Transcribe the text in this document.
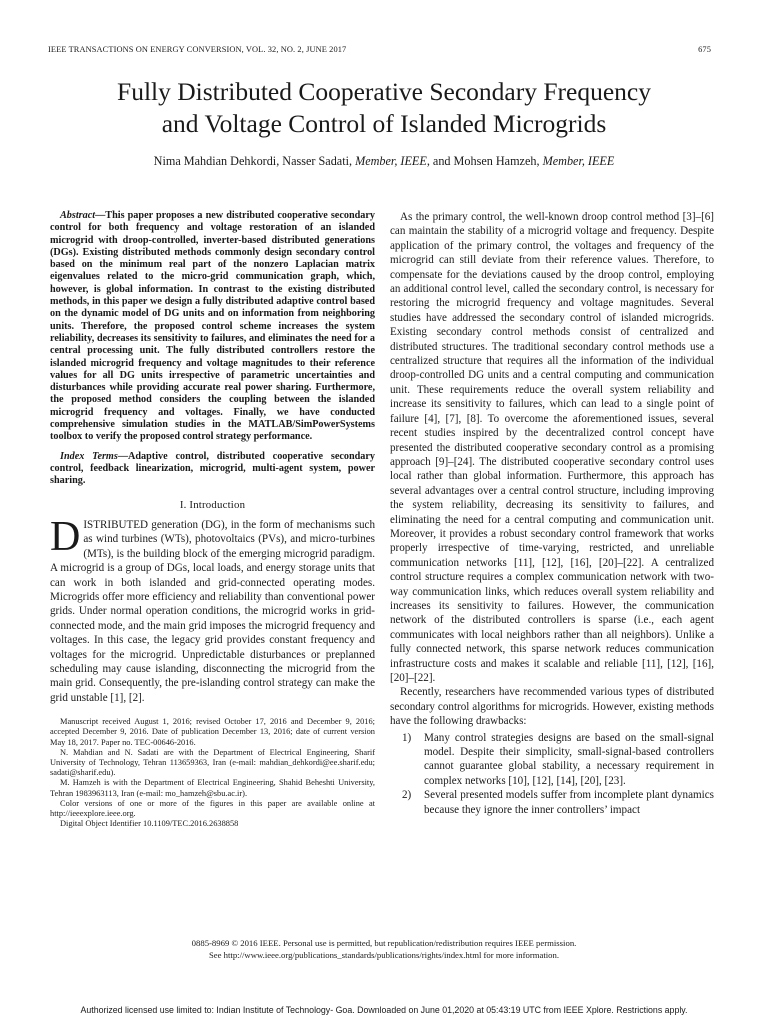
IEEE TRANSACTIONS ON ENERGY CONVERSION, VOL. 32, NO. 2, JUNE 2017	675
Fully Distributed Cooperative Secondary Frequency
and Voltage Control of Islanded Microgrids
Nima Mahdian Dehkordi, Nasser Sadati, Member, IEEE, and Mohsen Hamzeh, Member, IEEE

Abstract—This paper proposes a new distributed cooperative secondary control for both frequency and voltage restoration of an islanded microgrid with droop-controlled, inverter-based distributed generations (DGs). Existing distributed methods commonly design secondary control based on the minimum real part of the nonzero Laplacian matrix eigenvalues related to the micro-grid communication graph, which, however, is global information. In contrast to the existing distributed methods, in this paper we design a fully distributed adaptive control based on the dynamic model of DG units and on information from neighboring units. Therefore, the proposed control scheme increases the system reliability, decreases its sensitivity to failures, and eliminates the need for a central processing unit. The fully distributed controllers restore the islanded microgrid frequency and voltage magnitudes to their reference values for all DG units irrespective of parametric uncertainties and disturbances while providing accurate real power sharing. Furthermore, the proposed method considers the coupling between the islanded microgrid frequency and voltages. Finally, we have conducted comprehensive simulation studies in the MATLAB/SimPowerSystems toolbox to verify the proposed control strategy performance.

Index Terms—Adaptive control, distributed cooperative secondary control, feedback linearization, microgrid, multi-agent system, power sharing.

I. Introduction

DISTRIBUTED generation (DG), in the form of mechanisms such as wind turbines (WTs), photovoltaics (PVs), and micro-turbines (MTs), is the building block of the emerging microgrid paradigm. A microgrid is a group of DGs, local loads, and energy storage units that can work in both islanded and grid-connected operating modes. Microgrids offer more efficiency and reliability than conventional power grids. Under normal operation conditions, the microgrid works in grid-connected mode, and the main grid imposes the microgrid frequency and voltages. In this case, the legacy grid provides constant frequency and voltages for the microgrid. Unpredictable disturbances or preplanned scheduling may cause islanding, disconnecting the microgrid from the main grid. Consequently, the pre-islanding control strategy can make the grid unstable [1], [2].

Manuscript received August 1, 2016; revised October 17, 2016 and December 9, 2016; accepted December 9, 2016. Date of publication December 13, 2016; date of current version May 18, 2017. Paper no. TEC-00646-2016.

N. Mahdian and N. Sadati are with the Department of Electrical Engineering, Sharif University of Technology, Tehran 113659363, Iran (e-mail: mahdian_dehkordi@ee.sharif.edu; sadati@sharif.edu).

M. Hamzeh is with the Department of Electrical Engineering, Shahid Beheshti University, Tehran 1983963113, Iran (e-mail: mo_hamzeh@sbu.ac.ir).

Color versions of one or more of the figures in this paper are available online at http://ieeexplore.ieee.org.

Digital Object Identifier 10.1109/TEC.2016.2638858

As the primary control, the well-known droop control method [3]–[6] can maintain the stability of a microgrid voltage and frequency. Despite application of the primary control, the voltages and frequency of the microgrid can still deviate from their reference values. Therefore, to compensate for the deviations caused by the droop control, employing an additional control level, called the secondary control, is necessary for restoring the microgrid frequency and voltage magnitudes. Several studies have addressed the secondary control of islanded microgrids. Existing secondary control methods consist of centralized and distributed structures. The traditional secondary control methods use a centralized structure that requires all the information of the individual droop-controlled DG units and a central computing and communication unit. These requirements reduce the overall system reliability and increase its sensitivity to failures, which can lead to a single point of failure [4], [7], [8]. To overcome the aforementioned issues, several recent studies inspired by the decentralized control concept have presented the distributed cooperative secondary control as a promising approach [9]–[24]. The distributed cooperative secondary control uses local rather than global information. Furthermore, this approach has several advantages over a central control structure, including improving the system reliability, decreasing its sensitivity to failures, and eliminating the need for a central computing and communication unit. Moreover, it provides a robust secondary control framework that works properly irrespective of time-varying, restricted, and unreliable communication networks [11], [12], [16], [20]–[22]. A centralized control structure requires a complex communication network with two-way communication links, which reduces overall system reliability and increases its sensitivity to failures. However, the communication network of the distributed controllers is sparse (i.e., each agent communicates with local neighbors rather than all neighbors). Unlike a fully connected network, this sparse network reduces communication infrastructure costs and makes it scalable and reliable [11], [12], [16], [20]–[22].

Recently, researchers have recommended various types of distributed secondary control algorithms for microgrids. However, existing methods have the following drawbacks:

1) Many control strategies designs are based on the small-signal model. Despite their simplicity, small-signal-based controllers cannot guarantee global stability, a necessary requirement in complex networks [10], [12], [14], [20], [23].
2) Several presented models suffer from incomplete plant dynamics because they ignore the inner controllers’ impact
0885-8969 © 2016 IEEE. Personal use is permitted, but republication/redistribution requires IEEE permission.
See http://www.ieee.org/publications_standards/publications/rights/index.html for more information.
Authorized licensed use limited to: Indian Institute of Technology- Goa. Downloaded on June 01,2020 at 05:43:19 UTC from IEEE Xplore. Restrictions apply.
